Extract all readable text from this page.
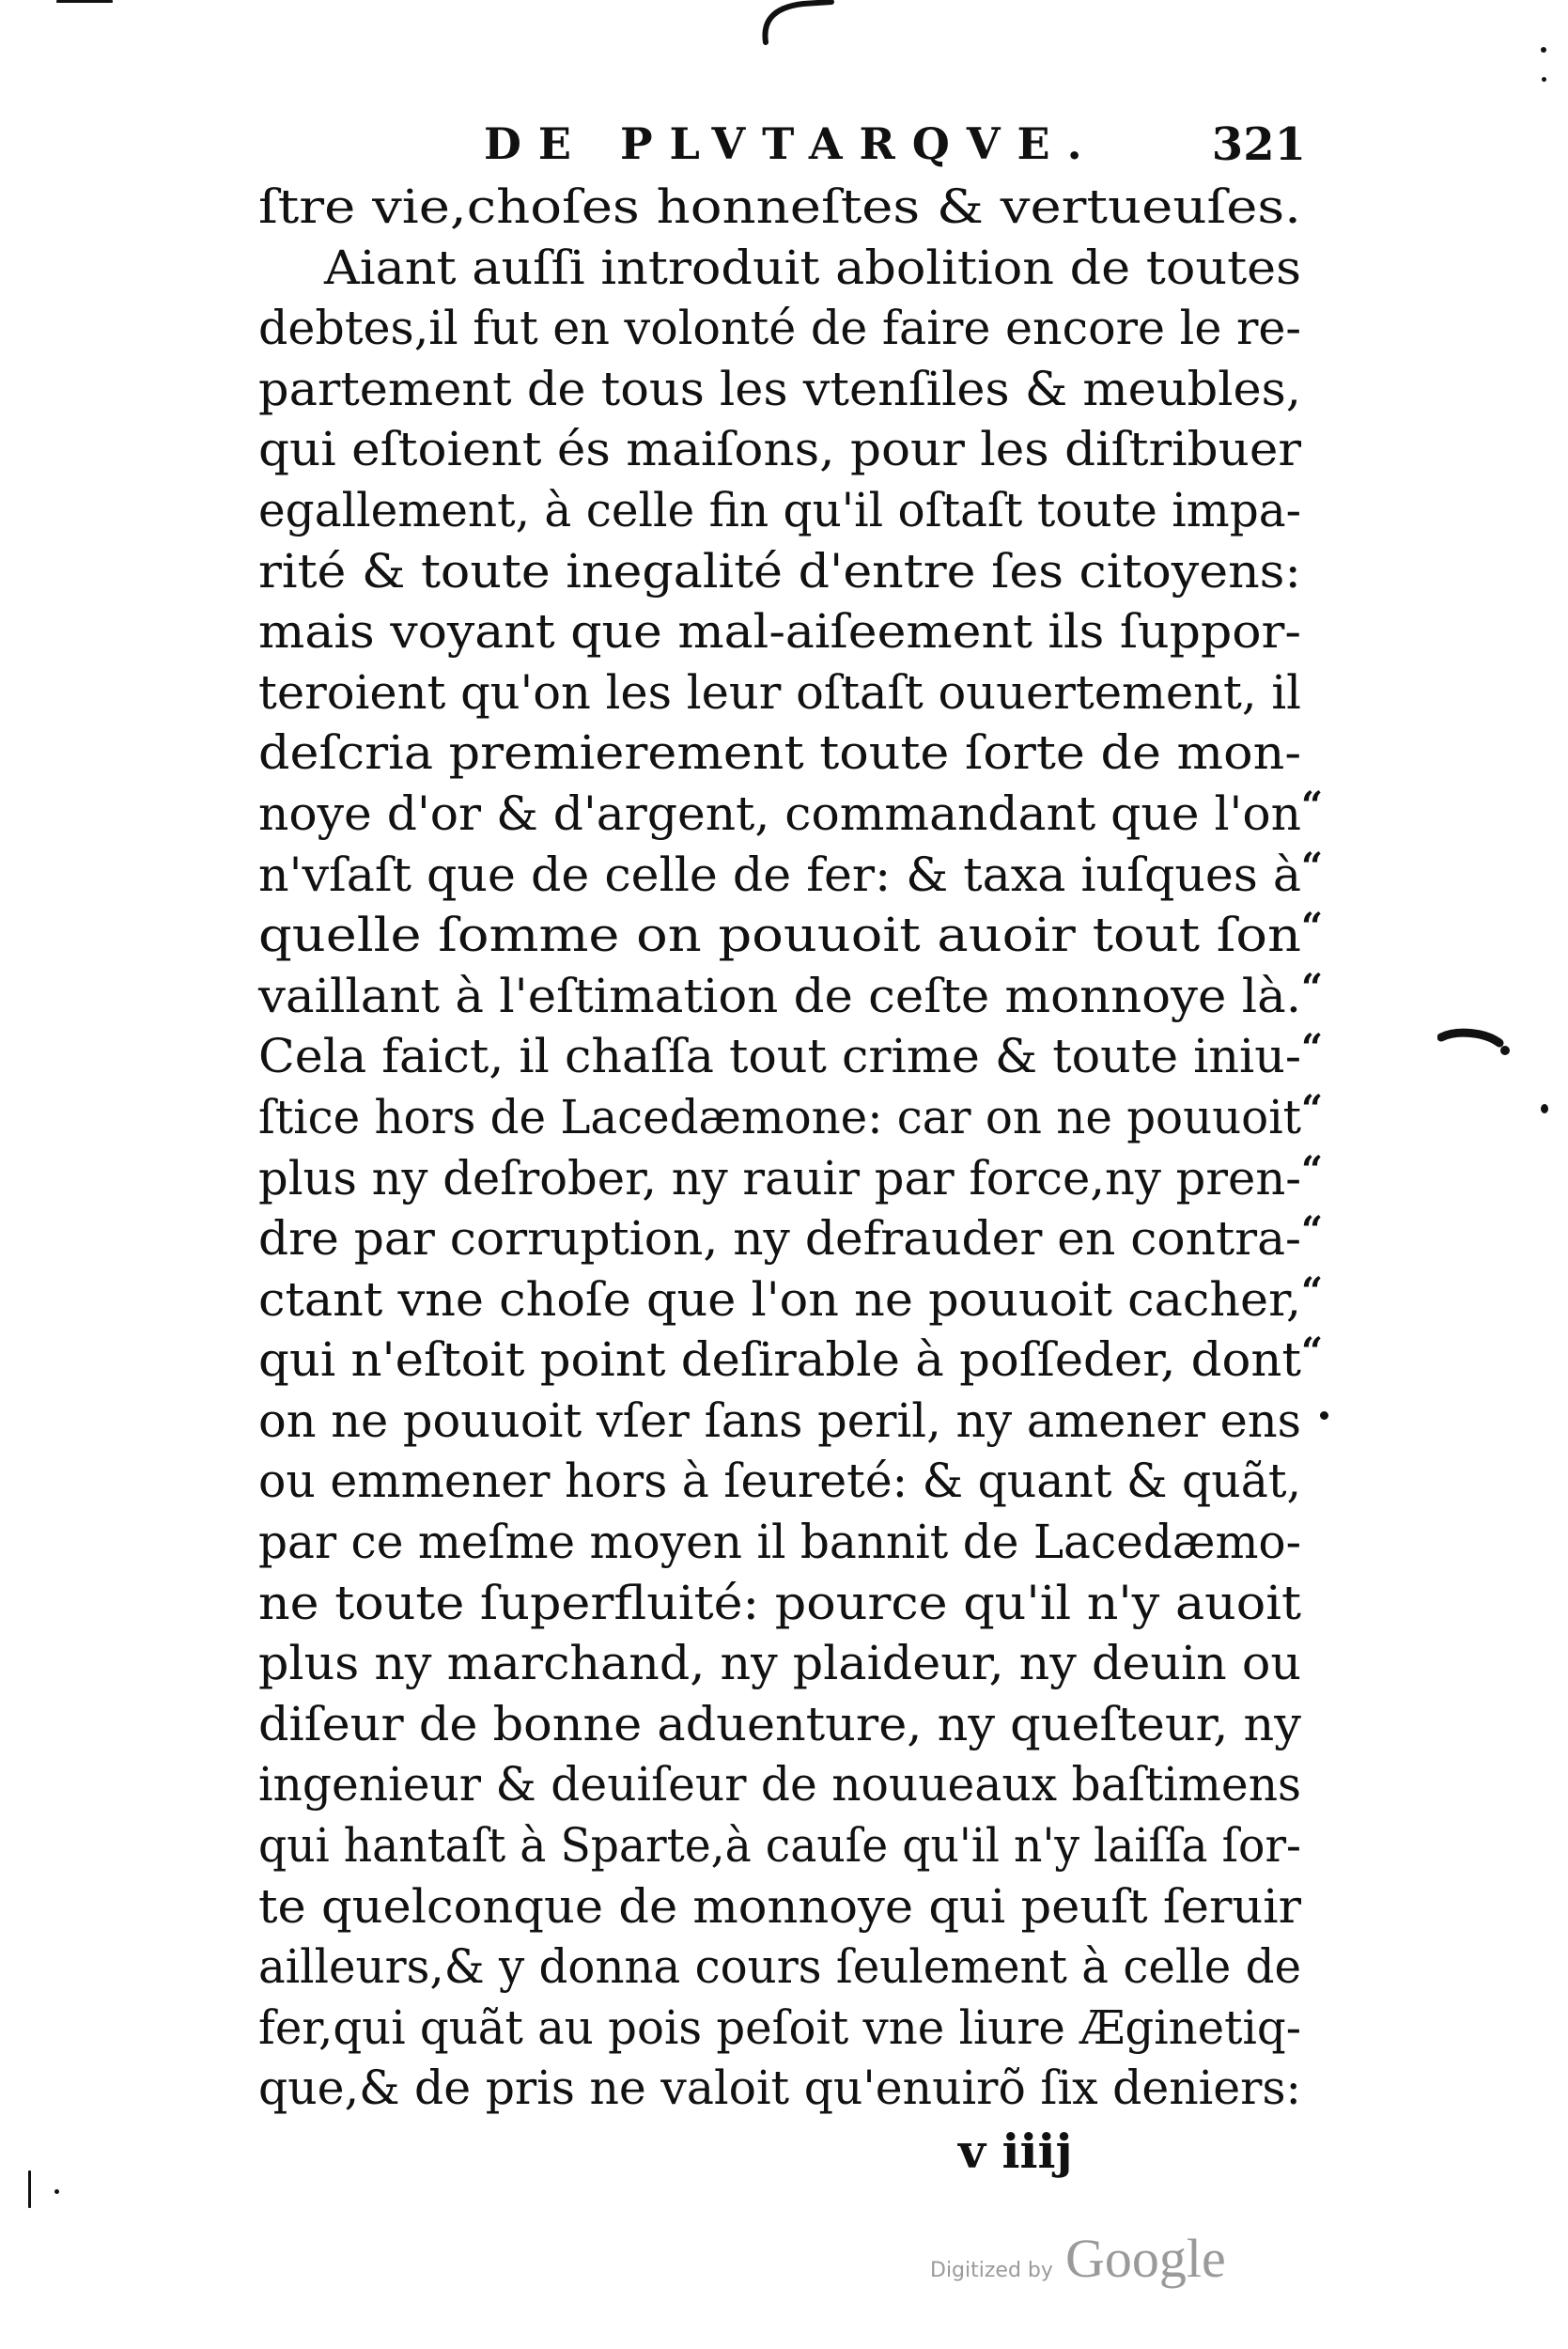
DE PLVTARQVE.	321
ſtre vie,choſes honneſtes & vertueuſes.
Aiant auſſi introduit abolition de toutes
debtes,il fut en volonté de faire encore le re-
partement de tous les vtenſiles & meubles,
qui eſtoient és maiſons, pour les diſtribuer
egallement, à celle fin qu'il oſtaſt toute impa-
rité & toute inegalité d'entre ſes citoyens:
mais voyant que mal-aiſeement ils ſuppor-
teroient qu'on les leur oſtaſt ouuertement, il
deſcria premierement toute ſorte de mon-
noye d'or & d'argent, commandant que l'on “
n'vſaſt que de celle de fer: & taxa iuſques à “
quelle ſomme on pouuoit auoir tout ſon “
vaillant à l'eſtimation de ceſte monnoye là. “
Cela faict, il chaſſa tout crime & toute iniu- “
ſtice hors de Lacedæmone: car on ne pouuoit “
plus ny deſrober, ny rauir par force,ny pren- “
dre par corruption, ny defrauder en contra- “
ctant vne choſe que l'on ne pouuoit cacher, “
qui n'eſtoit point deſirable à poſſeder, dont “
on ne pouuoit vſer ſans peril, ny amener ens
ou emmener hors à ſeureté: & quant & quãt,
par ce meſme moyen il bannit de Lacedæmo-
ne toute ſuperfluité: pource qu'il n'y auoit
plus ny marchand, ny plaideur, ny deuin ou
diſeur de bonne aduenture, ny queſteur, ny
ingenieur & deuiſeur de nouueaux baſtimens
qui hantaſt à Sparte,à cauſe qu'il n'y laiſſa ſor-
te quelconque de monnoye qui peuſt ſeruir
ailleurs,& y donna cours ſeulement à celle de
fer,qui quãt au pois peſoit vne liure Æginetiq-
que,& de pris ne valoit qu'enuirõ ſix deniers:
v iiij
Digitized by Google
